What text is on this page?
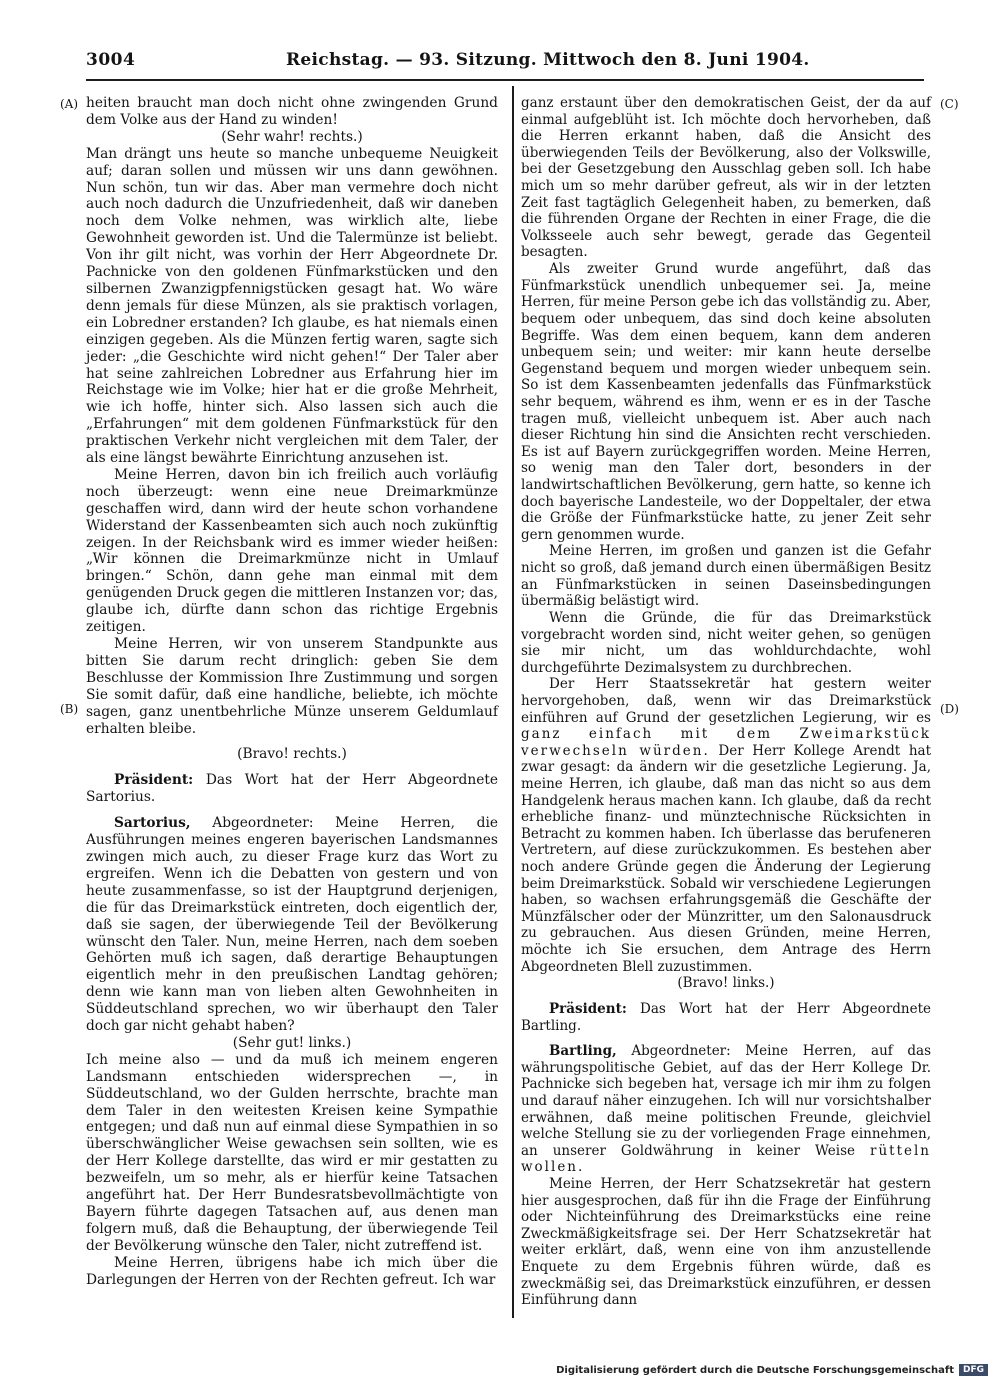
3004	Reichstag. — 93. Sitzung. Mittwoch den 8. Juni 1904.
(A)
(B)
(C)
(D)

heiten braucht man doch nicht ohne zwingenden Grund dem Volke aus der Hand zu winden!

(Sehr wahr! rechts.)

Man drängt uns heute so manche unbequeme Neuigkeit auf; daran sollen und müssen wir uns dann gewöhnen. Nun schön, tun wir das. Aber man vermehre doch nicht auch noch dadurch die Unzufriedenheit, daß wir daneben noch dem Volke nehmen, was wirklich alte, liebe Gewohnheit geworden ist. Und die Talermünze ist beliebt. Von ihr gilt nicht, was vorhin der Herr Abgeordnete Dr. Pachnicke von den goldenen Fünfmarkstücken und den silbernen Zwanzigpfennigstücken gesagt hat. Wo wäre denn jemals für diese Münzen, als sie praktisch vorlagen, ein Lobredner erstanden? Ich glaube, es hat niemals einen einzigen gegeben. Als die Münzen fertig waren, sagte sich jeder: „die Geschichte wird nicht gehen!“ Der Taler aber hat seine zahlreichen Lobredner aus Erfahrung hier im Reichstage wie im Volke; hier hat er die große Mehrheit, wie ich hoffe, hinter sich. Also lassen sich auch die „Erfahrungen“ mit dem goldenen Fünfmarkstück für den praktischen Verkehr nicht vergleichen mit dem Taler, der als eine längst bewährte Einrichtung anzusehen ist.

Meine Herren, davon bin ich freilich auch vorläufig noch überzeugt: wenn eine neue Dreimarkmünze geschaffen wird, dann wird der heute schon vorhandene Widerstand der Kassenbeamten sich auch noch zukünftig zeigen. In der Reichsbank wird es immer wieder heißen: „Wir können die Dreimarkmünze nicht in Umlauf bringen.“ Schön, dann gehe man einmal mit dem genügenden Druck gegen die mittleren Instanzen vor; das, glaube ich, dürfte dann schon das richtige Ergebnis zeitigen.

Meine Herren, wir von unserem Standpunkte aus bitten Sie darum recht dringlich: geben Sie dem Beschlusse der Kommission Ihre Zustimmung und sorgen Sie somit dafür, daß eine handliche, beliebte, ich möchte sagen, ganz unentbehrliche Münze unserem Geldumlauf erhalten bleibe.

(Bravo! rechts.)

Präsident: Das Wort hat der Herr Abgeordnete Sartorius.

Sartorius, Abgeordneter: Meine Herren, die Ausführungen meines engeren bayerischen Landsmannes zwingen mich auch, zu dieser Frage kurz das Wort zu ergreifen. Wenn ich die Debatten von gestern und von heute zusammenfasse, so ist der Hauptgrund derjenigen, die für das Dreimarkstück eintreten, doch eigentlich der, daß sie sagen, der überwiegende Teil der Bevölkerung wünscht den Taler. Nun, meine Herren, nach dem soeben Gehörten muß ich sagen, daß derartige Behauptungen eigentlich mehr in den preußischen Landtag gehören; denn wie kann man von lieben alten Gewohnheiten in Süddeutschland sprechen, wo wir überhaupt den Taler doch gar nicht gehabt haben?

(Sehr gut! links.)

Ich meine also — und da muß ich meinem engeren Landsmann entschieden widersprechen —, in Süddeutschland, wo der Gulden herrschte, brachte man dem Taler in den weitesten Kreisen keine Sympathie entgegen; und daß nun auf einmal diese Sympathien in so überschwänglicher Weise gewachsen sein sollten, wie es der Herr Kollege darstellte, das wird er mir gestatten zu bezweifeln, um so mehr, als er hierfür keine Tatsachen angeführt hat. Der Herr Bundesratsbevollmächtigte von Bayern führte dagegen Tatsachen auf, aus denen man folgern muß, daß die Behauptung, der überwiegende Teil der Bevölkerung wünsche den Taler, nicht zutreffend ist.

Meine Herren, übrigens habe ich mich über die Darlegungen der Herren von der Rechten gefreut. Ich war

ganz erstaunt über den demokratischen Geist, der da auf einmal aufgeblüht ist. Ich möchte doch hervorheben, daß die Herren erkannt haben, daß die Ansicht des überwiegenden Teils der Bevölkerung, also der Volkswille, bei der Gesetzgebung den Ausschlag geben soll. Ich habe mich um so mehr darüber gefreut, als wir in der letzten Zeit fast tagtäglich Gelegenheit haben, zu bemerken, daß die führenden Organe der Rechten in einer Frage, die die Volksseele auch sehr bewegt, gerade das Gegenteil besagten.

Als zweiter Grund wurde angeführt, daß das Fünfmarkstück unendlich unbequemer sei. Ja, meine Herren, für meine Person gebe ich das vollständig zu. Aber, bequem oder unbequem, das sind doch keine absoluten Begriffe. Was dem einen bequem, kann dem anderen unbequem sein; und weiter: mir kann heute derselbe Gegenstand bequem und morgen wieder unbequem sein. So ist dem Kassenbeamten jedenfalls das Fünfmarkstück sehr bequem, während es ihm, wenn er es in der Tasche tragen muß, vielleicht unbequem ist. Aber auch nach dieser Richtung hin sind die Ansichten recht verschieden. Es ist auf Bayern zurückgegriffen worden. Meine Herren, so wenig man den Taler dort, besonders in der landwirtschaftlichen Bevölkerung, gern hatte, so kenne ich doch bayerische Landesteile, wo der Doppeltaler, der etwa die Größe der Fünfmarkstücke hatte, zu jener Zeit sehr gern genommen wurde.

Meine Herren, im großen und ganzen ist die Gefahr nicht so groß, daß jemand durch einen übermäßigen Besitz an Fünfmarkstücken in seinen Daseinsbedingungen übermäßig belästigt wird.

Wenn die Gründe, die für das Dreimarkstück vorgebracht worden sind, nicht weiter gehen, so genügen sie mir nicht, um das wohldurchdachte, wohl durchgeführte Dezimalsystem zu durchbrechen.

Der Herr Staatssekretär hat gestern weiter hervorgehoben, daß, wenn wir das Dreimarkstück einführen auf Grund der gesetzlichen Legierung, wir es ganz einfach mit dem Zweimarkstück verwechseln würden. Der Herr Kollege Arendt hat zwar gesagt: da ändern wir die gesetzliche Legierung. Ja, meine Herren, ich glaube, daß man das nicht so aus dem Handgelenk heraus machen kann. Ich glaube, daß da recht erhebliche finanz- und münztechnische Rücksichten in Betracht zu kommen haben. Ich überlasse das berufeneren Vertretern, auf diese zurückzukommen. Es bestehen aber noch andere Gründe gegen die Änderung der Legierung beim Dreimarkstück. Sobald wir verschiedene Legierungen haben, so wachsen erfahrungsgemäß die Geschäfte der Münzfälscher oder der Münzritter, um den Salonausdruck zu gebrauchen. Aus diesen Gründen, meine Herren, möchte ich Sie ersuchen, dem Antrage des Herrn Abgeordneten Blell zuzustimmen.

(Bravo! links.)

Präsident: Das Wort hat der Herr Abgeordnete Bartling.

Bartling, Abgeordneter: Meine Herren, auf das währungspolitische Gebiet, auf das der Herr Kollege Dr. Pachnicke sich begeben hat, versage ich mir ihm zu folgen und darauf näher einzugehen. Ich will nur vorsichtshalber erwähnen, daß meine politischen Freunde, gleichviel welche Stellung sie zu der vorliegenden Frage einnehmen, an unserer Goldwährung in keiner Weise rütteln wollen.

Meine Herren, der Herr Schatzsekretär hat gestern hier ausgesprochen, daß für ihn die Frage der Einführung oder Nichteinführung des Dreimarkstücks eine reine Zweckmäßigkeitsfrage sei. Der Herr Schatzsekretär hat weiter erklärt, daß, wenn eine von ihm anzustellende Enquete zu dem Ergebnis führen würde, daß es zweckmäßig sei, das Dreimarkstück einzuführen, er dessen Einführung dann

Digitalisierung gefördert durch die Deutsche Forschungsgemeinschaft	DFG
